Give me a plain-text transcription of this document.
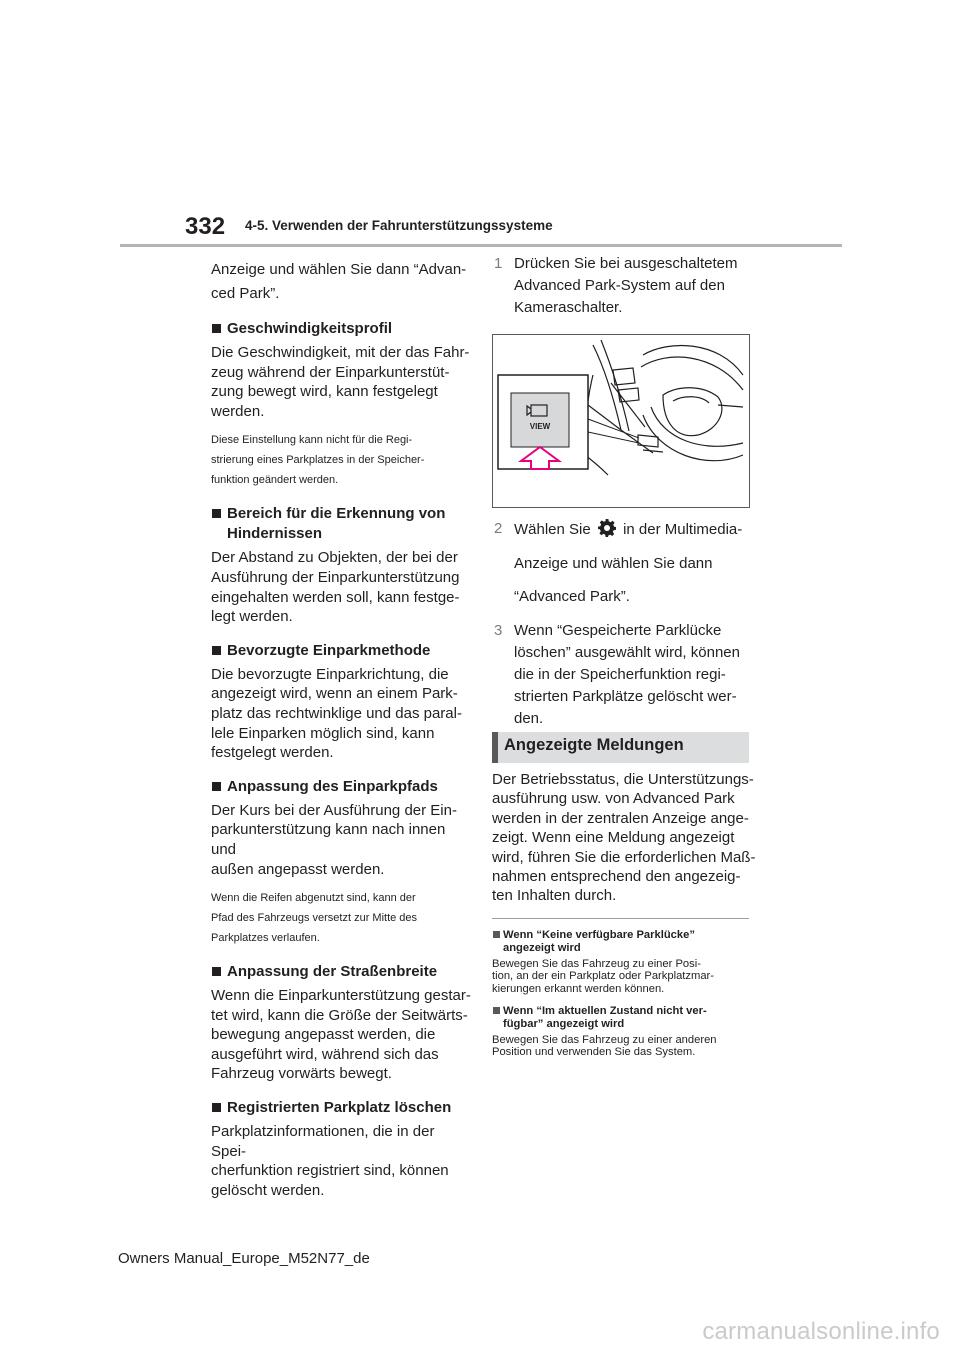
332 4-5. Verwenden der Fahrunterstützungssysteme

Anzeige und wählen Sie dann “Advan-

ced Park”.

Geschwindigkeitsprofil

Die Geschwindigkeit, mit der das Fahr-

zeug während der Einparkunterstüt-

zung bewegt wird, kann festgelegt

werden.

Diese Einstellung kann nicht für die Regi-

strierung eines Parkplatzes in der Speicher-

funktion geändert werden.

Bereich für die Erkennung von

Hindernissen

Der Abstand zu Objekten, der bei der

Ausführung der Einparkunterstützung

eingehalten werden soll, kann festge-

legt werden.

Bevorzugte Einparkmethode

Die bevorzugte Einparkrichtung, die

angezeigt wird, wenn an einem Park-

platz das rechtwinklige und das paral-

lele Einparken möglich sind, kann

festgelegt werden.

Anpassung des Einparkpfads

Der Kurs bei der Ausführung der Ein-

parkunterstützung kann nach innen und

außen angepasst werden.

Wenn die Reifen abgenutzt sind, kann der

Pfad des Fahrzeugs versetzt zur Mitte des

Parkplatzes verlaufen.

Anpassung der Straßenbreite

Wenn die Einparkunterstützung gestar-

tet wird, kann die Größe der Seitwärts-

bewegung angepasst werden, die

ausgeführt wird, während sich das

Fahrzeug vorwärts bewegt.

Registrierten Parkplatz löschen

Parkplatzinformationen, die in der Spei-

cherfunktion registriert sind, können

gelöscht werden.

1 Drücken Sie bei ausgeschaltetem
Advanced Park-System auf den
Kameraschalter.
VIEW
2 Wählen Sie in der Multimedia-
Anzeige und wählen Sie dann
“Advanced Park”.
3 Wenn “Gespeicherte Parklücke
löschen” ausgewählt wird, können
die in der Speicherfunktion regi-
strierten Parkplätze gelöscht wer-
den.
Angezeigte Meldungen

Der Betriebsstatus, die Unterstützungs-

ausführung usw. von Advanced Park

werden in der zentralen Anzeige ange-

zeigt. Wenn eine Meldung angezeigt

wird, führen Sie die erforderlichen Maß-

nahmen entsprechend den angezeig-

ten Inhalten durch.

Wenn “Keine verfügbare Parklücke”
angezeigt wird
Bewegen Sie das Fahrzeug zu einer Posi-
tion, an der ein Parkplatz oder Parkplatzmar-
kierungen erkannt werden können.
Wenn “Im aktuellen Zustand nicht ver-
fügbar” angezeigt wird
Bewegen Sie das Fahrzeug zu einer anderen
Position und verwenden Sie das System.
Owners Manual_Europe_M52N77_de
carmanualsonline.info
